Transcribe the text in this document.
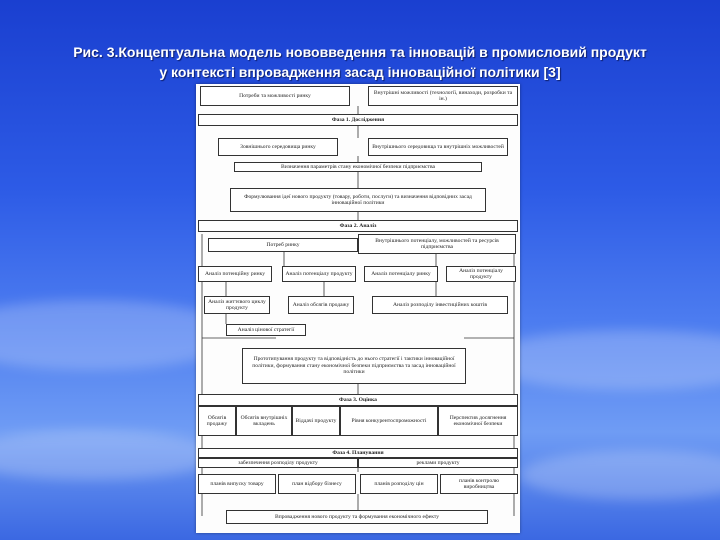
Рис. 3.Концептуальна модель нововведення та інновацій в промисловий продукт
у контексті впровадження засад інноваційної політики [3]
Потреби та можливості ринку
Внутрішні можливості (технології, винаходи, розробки та ін.)
Фаза 1. Дослідження
Зовнішнього середовища ринку	Внутрішнього середовища та внутрішніх можливостей
Визначення параметрів стану економічної безпеки підприємства
Формулювання ідеї нового продукту (товару, роботи, послуги) та визначення відповідних засад інноваційної політики
Фаза 2. Аналіз
Потреб ринку
Внутрішнього потенціалу, можливостей та ресурсів підприємства
Аналіз потенційну ринку	Аналіз потенціалу продукту	Аналіз потенціалу ринку
Аналіз потенціалу продукту
Аналіз життєвого циклу продукту
Аналіз обсягів продажу	Аналіз розподілу інвестиційних коштів
Аналіз цінової стратегії
Прототипування продукту та відповідність до нього стратегії і тактики інноваційної політики, формування стану економічної безпеки підприємства та засад інноваційної політики
Фаза 3. Оцінка
Обсягів продажу
Обсягів внутрішніх вкладень
Віддачі продукту	Рівня конкурентоспроможності
Перспектив досягнення економічної безпеки
Фаза 4. Планування
забезпечення розподілу продукту	реклами продукту
планів випуску товару	план відбору бізнесу	планів розподілу цін
планів контролю виробництва
Впровадження нового продукту та формування економічного ефекту
